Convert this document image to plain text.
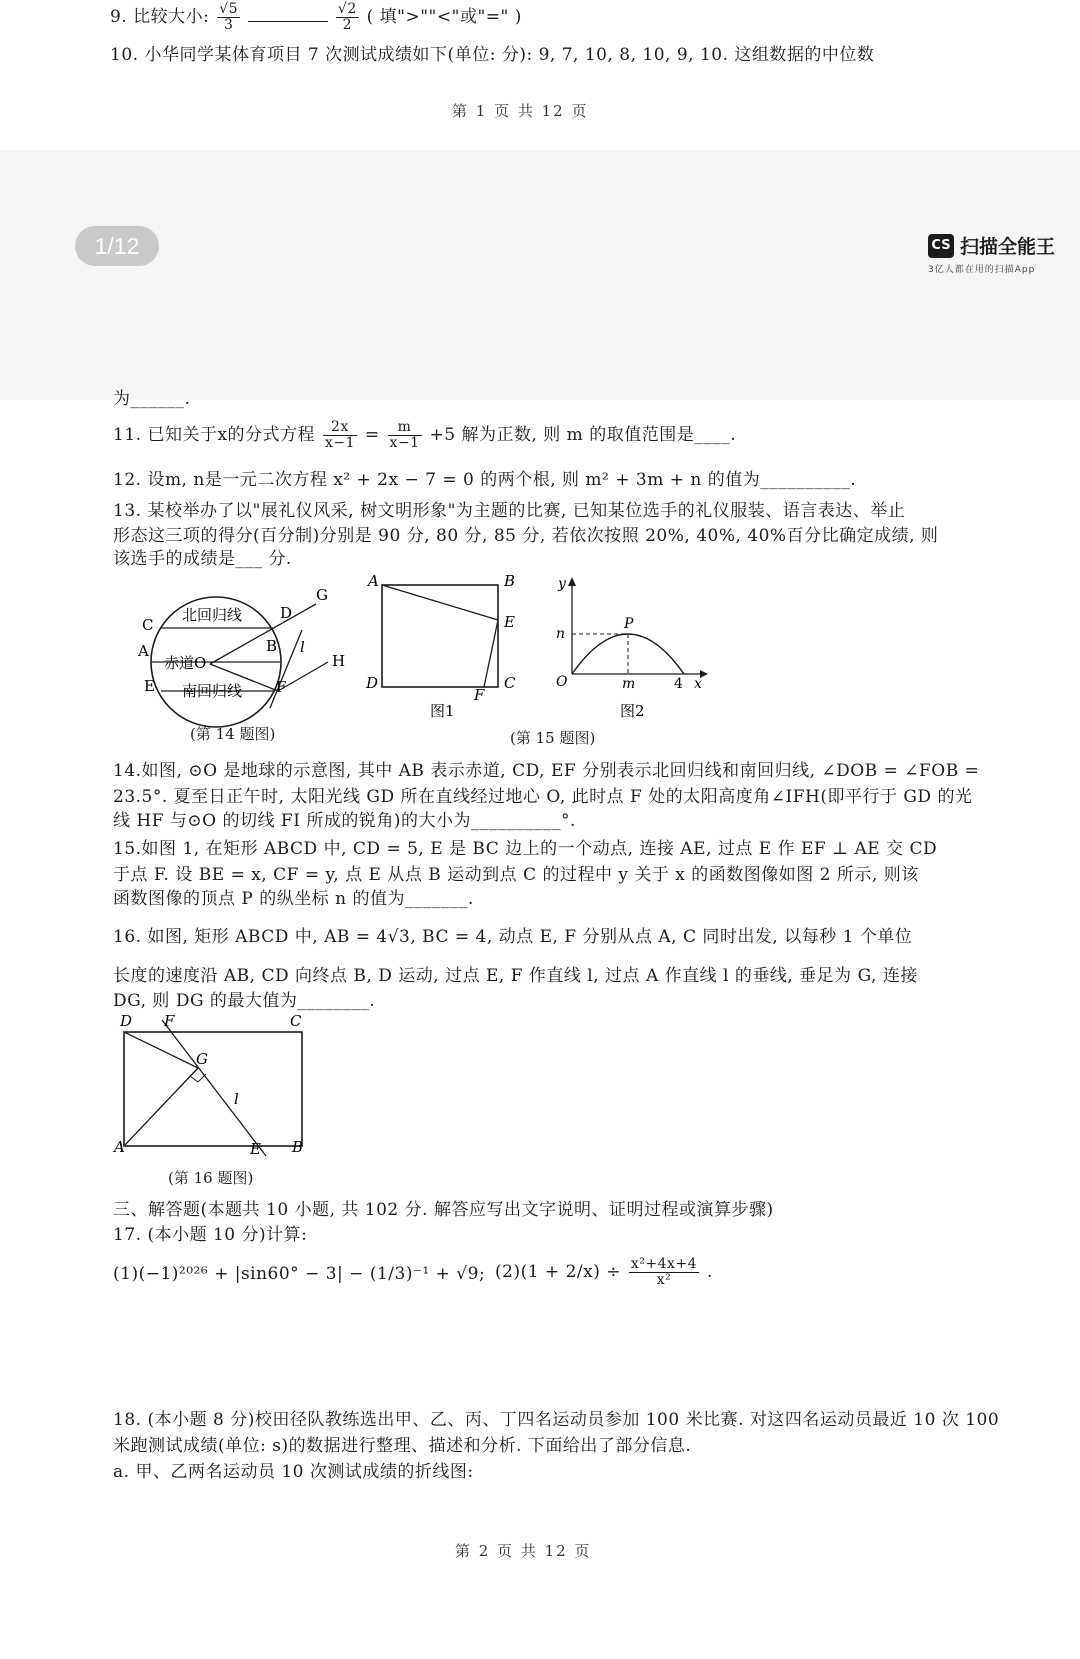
9. 比较大小: $\frac{√5}{3}$
	$\frac{√2}{2}$ ( 填">""<"或"=" )
10. 小华同学某体育项目 7 次测试成绩如下(单位: 分): 9, 7, 10, 8, 10, 9, 10. 这组数据的中位数
第 1 页 共 12 页
1/12	CS 扫描全能王
3亿人都在用的扫描App
为______.
11. 已知关于x的分式方程 $\frac{2x}{x-1} = \frac{m}{x-1} +5$ 解为正数, 则 m 的取值范围是____.
12. 设m, n是一元二次方程 x² + 2x − 7 = 0 的两个根, 则 m² + 3m + n 的值为__________.
13. 某校举办了以"展礼仪风采, 树文明形象"为主题的比赛, 已知某位选手的礼仪服装、语言表达、举止
形态这三项的得分(百分制)分别是 90 分, 80 分, 85 分, 若依次按照 20%, 40%, 40%百分比确定成绩, 则
该选手的成绩是___ 分.
北回归线
赤道O
南回归线
C
D
G
A	B l
H
E	F
(第 14 题图)
A	B
E
C
D
F
图1
y
n
P
O	m	4 x
图2
(第 15 题图)
14.如图, ⊙O 是地球的示意图, 其中 AB 表示赤道, CD, EF 分别表示北回归线和南回归线, ∠DOB = ∠FOB =
23.5°. 夏至日正午时, 太阳光线 GD 所在直线经过地心 O, 此时点 F 处的太阳高度角∠IFH(即平行于 GD 的光
线 HF 与⊙O 的切线 FI 所成的锐角)的大小为__________°.
15.如图 1, 在矩形 ABCD 中, CD = 5, E 是 BC 边上的一个动点, 连接 AE, 过点 E 作 EF ⊥ AE 交 CD
于点 F. 设 BE = x, CF = y, 点 E 从点 B 运动到点 C 的过程中 y 关于 x 的函数图像如图 2 所示, 则该
函数图像的顶点 P 的纵坐标 n 的值为_______.
16. 如图, 矩形 ABCD 中, AB = 4√3, BC = 4, 动点 E, F 分别从点 A, C 同时出发, 以每秒 1 个单位
长度的速度沿 AB, CD 向终点 B, D 运动, 过点 E, F 作直线 l, 过点 A 作直线 l 的垂线, 垂足为 G, 连接
DG, 则 DG 的最大值为________.
D F	C
G
l
A	E B
(第 16 题图)
三、解答题(本题共 10 小题, 共 102 分. 解答应写出文字说明、证明过程或演算步骤)
17. (本小题 10 分)计算:
(1)(−1)²⁰²⁶ + |sin60° − 3| − (1/3)⁻¹ + √9; $(2)(1 + 2/x) \div \frac{\text{x²+4x+4}}{\text{x²}}$ .
18. (本小题 8 分)校田径队教练选出甲、乙、丙、丁四名运动员参加 100 米比赛. 对这四名运动员最近 10 次 100
米跑测试成绩(单位: s)的数据进行整理、描述和分析. 下面给出了部分信息.
a. 甲、乙两名运动员 10 次测试成绩的折线图:
第 2 页 共 12 页
